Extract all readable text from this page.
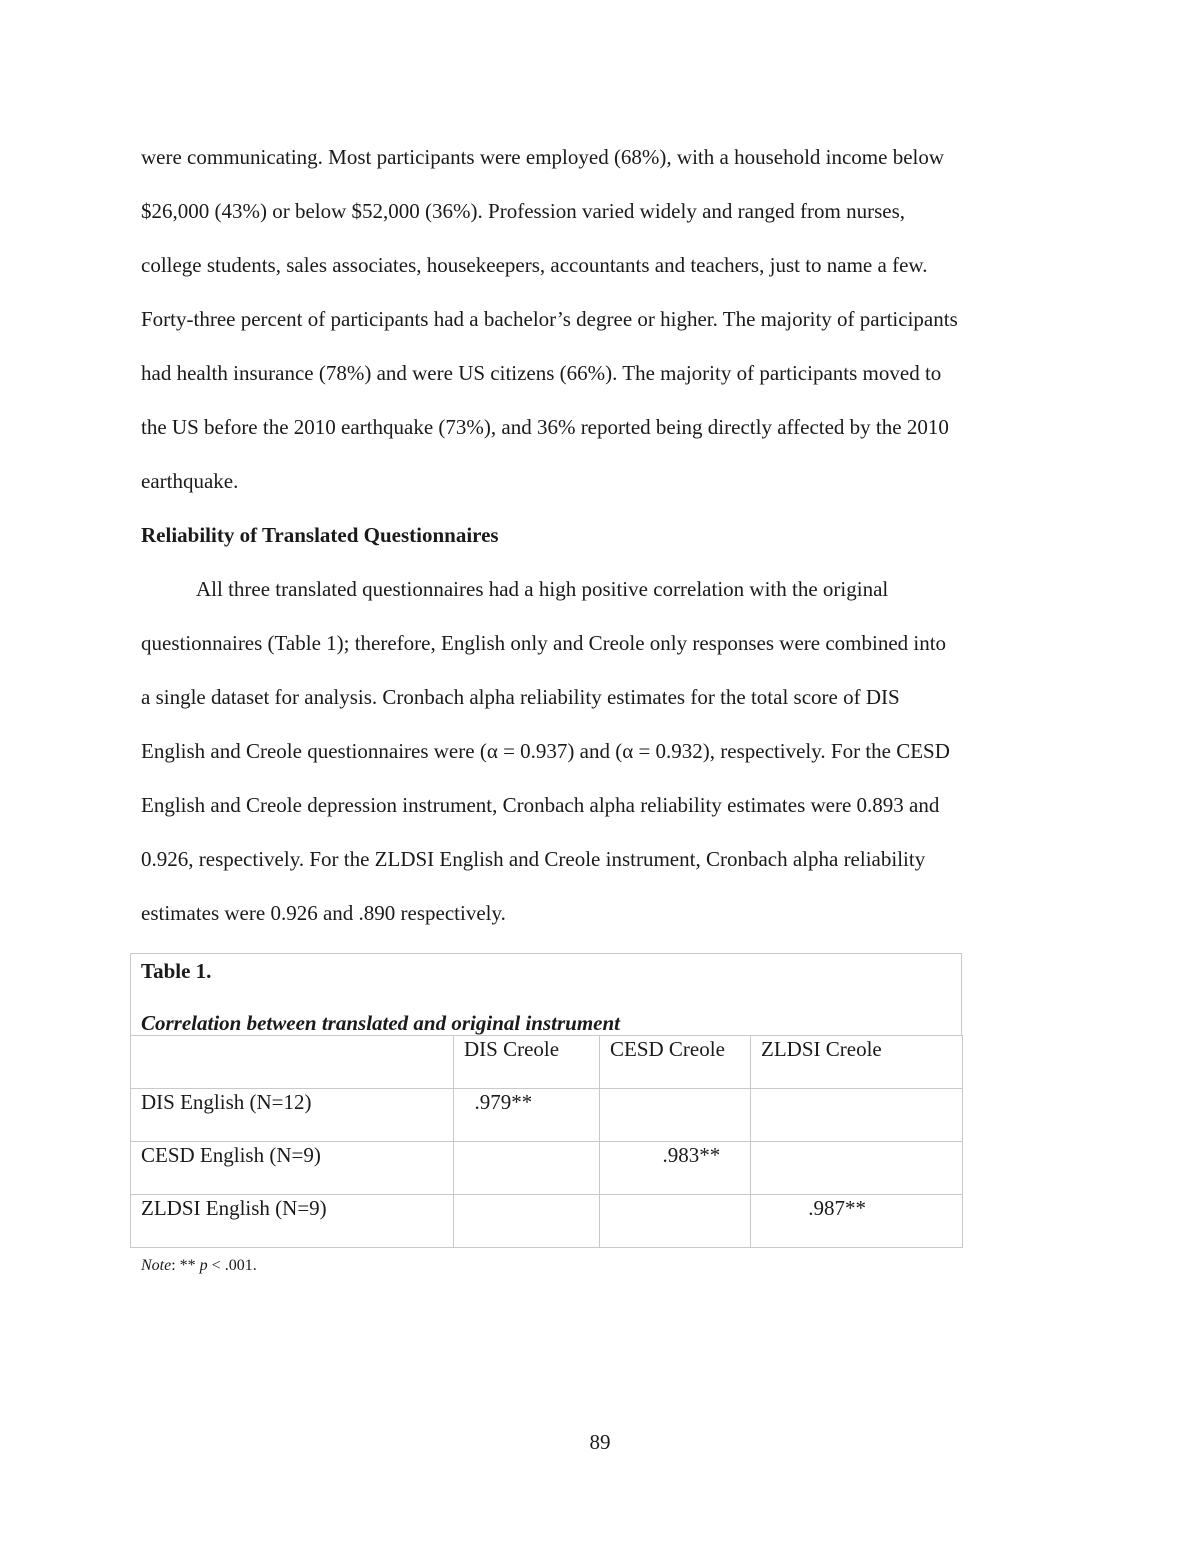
were communicating. Most participants were employed (68%), with a household income below
$26,000 (43%) or below $52,000 (36%). Profession varied widely and ranged from nurses,
college students, sales associates, housekeepers, accountants and teachers, just to name a few.
Forty-three percent of participants had a bachelor’s degree or higher. The majority of participants
had health insurance (78%) and were US citizens (66%). The majority of participants moved to
the US before the 2010 earthquake (73%), and 36% reported being directly affected by the 2010
earthquake.
Reliability of Translated Questionnaires
All three translated questionnaires had a high positive correlation with the original
questionnaires (Table 1); therefore, English only and Creole only responses were combined into
a single dataset for analysis. Cronbach alpha reliability estimates for the total score of DIS
English and Creole questionnaires were (α = 0.937) and (α = 0.932), respectively. For the CESD
English and Creole depression instrument, Cronbach alpha reliability estimates were 0.893 and
0.926, respectively. For the ZLDSI English and Creole instrument, Cronbach alpha reliability
estimates were 0.926 and .890 respectively.
Table 1.
Correlation between translated and original instrument
	DIS Creole	CESD Creole	ZLDSI Creole
DIS English (N=12)	.979**		
CESD English (N=9)		.983**	
ZLDSI English (N=9)			.987**
Note: ** p < .001.
89
